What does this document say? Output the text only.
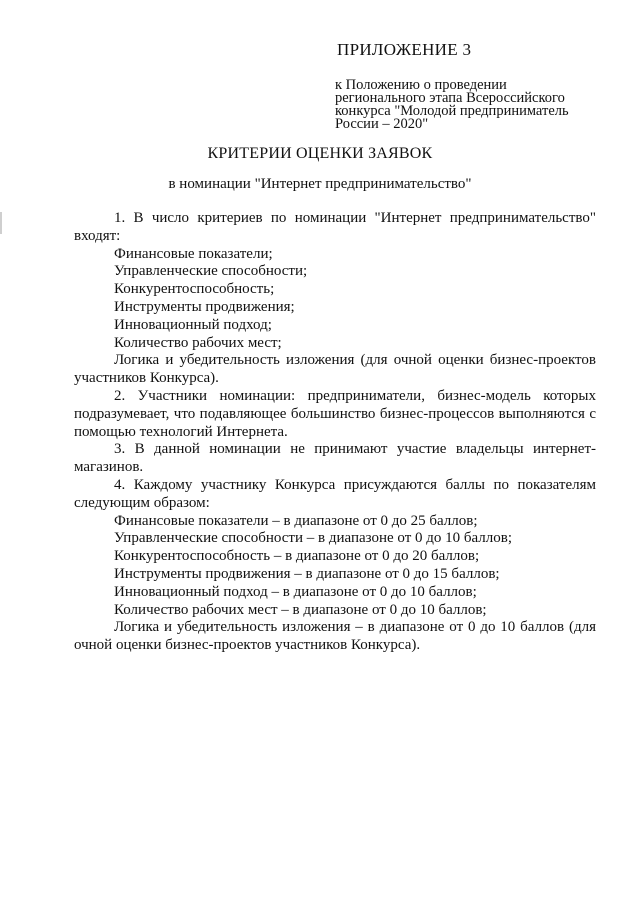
ПРИЛОЖЕНИЕ 3
к Положению о проведении
регионального этапа Всероссийского
конкурса "Молодой предприниматель
России – 2020"
КРИТЕРИИ ОЦЕНКИ ЗАЯВОК
в номинации "Интернет предпринимательство"

1. В число критериев по номинации "Интернет предпринимательство" входят:

Финансовые показатели;

Управленческие способности;

Конкурентоспособность;

Инструменты продвижения;

Инновационный подход;

Количество рабочих мест;

Логика и убедительность изложения (для очной оценки бизнес-проектов участников Конкурса).

2. Участники номинации: предприниматели, бизнес-модель которых подразумевает, что подавляющее большинство бизнес-процессов выполняются с помощью технологий Интернета.

3. В данной номинации не принимают участие владельцы интернет-магазинов.

4. Каждому участнику Конкурса присуждаются баллы по показателям следующим образом:

Финансовые показатели – в диапазоне от 0 до 25 баллов;

Управленческие способности – в диапазоне от 0 до 10 баллов;

Конкурентоспособность – в диапазоне от 0 до 20 баллов;

Инструменты продвижения – в диапазоне от 0 до 15 баллов;

Инновационный подход – в диапазоне от 0 до 10 баллов;

Количество рабочих мест – в диапазоне от 0 до 10 баллов;

Логика и убедительность изложения – в диапазоне от 0 до 10 баллов (для очной оценки бизнес-проектов участников Конкурса).
